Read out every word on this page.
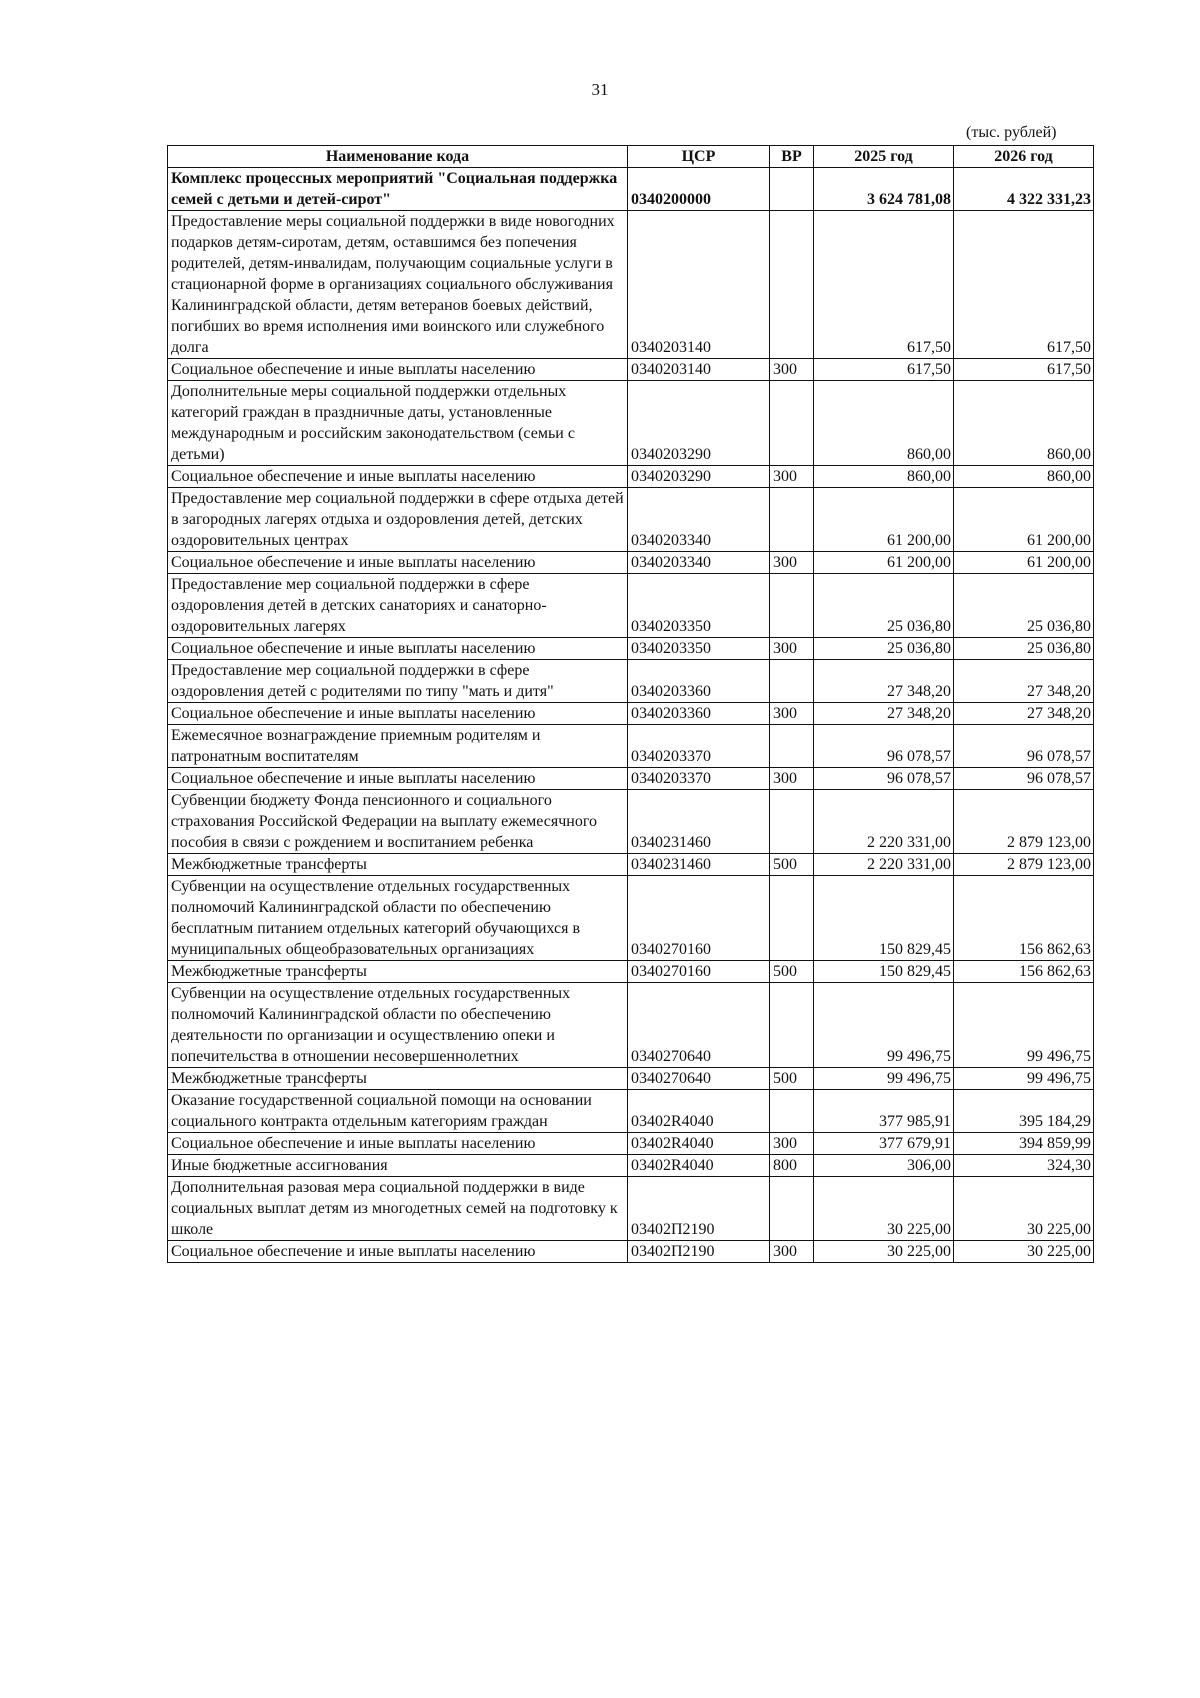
31
(тыс. рублей)
Наименование кода	ЦСР	ВР	2025 год	2026 год
Комплекс процессных мероприятий "Социальная поддержка семей с детьми и детей-сирот"	0340200000		3 624 781,08	4 322 331,23
Предоставление меры социальной поддержки в виде новогодних подарков детям-сиротам, детям, оставшимся без попечения родителей, детям-инвалидам, получающим социальные услуги в стационарной форме в организациях социального обслуживания Калининградской области, детям ветеранов боевых действий, погибших во время исполнения ими воинского или служебного долга	0340203140		617,50	617,50
Социальное обеспечение и иные выплаты населению	0340203140	300	617,50	617,50
Дополнительные меры социальной поддержки отдельных категорий граждан в праздничные даты, установленные международным и российским законодательством (семьи с детьми)	0340203290		860,00	860,00
Социальное обеспечение и иные выплаты населению	0340203290	300	860,00	860,00
Предоставление мер социальной поддержки в сфере отдыха детей в загородных лагерях отдыха и оздоровления детей, детских оздоровительных центрах	0340203340		61 200,00	61 200,00
Социальное обеспечение и иные выплаты населению	0340203340	300	61 200,00	61 200,00
Предоставление мер социальной поддержки в сфере оздоровления детей в детских санаториях и санаторно-оздоровительных лагерях	0340203350		25 036,80	25 036,80
Социальное обеспечение и иные выплаты населению	0340203350	300	25 036,80	25 036,80
Предоставление мер социальной поддержки в сфере оздоровления детей с родителями по типу "мать и дитя"	0340203360		27 348,20	27 348,20
Социальное обеспечение и иные выплаты населению	0340203360	300	27 348,20	27 348,20
Ежемесячное вознаграждение приемным родителям и патронатным воспитателям	0340203370		96 078,57	96 078,57
Социальное обеспечение и иные выплаты населению	0340203370	300	96 078,57	96 078,57
Субвенции бюджету Фонда пенсионного и социального страхования Российской Федерации на выплату ежемесячного пособия в связи с рождением и воспитанием ребенка	0340231460		2 220 331,00	2 879 123,00
Межбюджетные трансферты	0340231460	500	2 220 331,00	2 879 123,00
Субвенции на осуществление отдельных государственных полномочий Калининградской области по обеспечению бесплатным питанием отдельных категорий обучающихся в муниципальных общеобразовательных организациях	0340270160		150 829,45	156 862,63
Межбюджетные трансферты	0340270160	500	150 829,45	156 862,63
Субвенции на осуществление отдельных государственных полномочий Калининградской области по обеспечению деятельности по организации и осуществлению опеки и попечительства в отношении несовершеннолетних	0340270640		99 496,75	99 496,75
Межбюджетные трансферты	0340270640	500	99 496,75	99 496,75
Оказание государственной социальной помощи на основании социального контракта отдельным категориям граждан	03402R4040		377 985,91	395 184,29
Социальное обеспечение и иные выплаты населению	03402R4040	300	377 679,91	394 859,99
Иные бюджетные ассигнования	03402R4040	800	306,00	324,30
Дополнительная разовая мера социальной поддержки в виде социальных выплат детям из многодетных семей на подготовку к школе	03402П2190		30 225,00	30 225,00
Социальное обеспечение и иные выплаты населению	03402П2190	300	30 225,00	30 225,00
